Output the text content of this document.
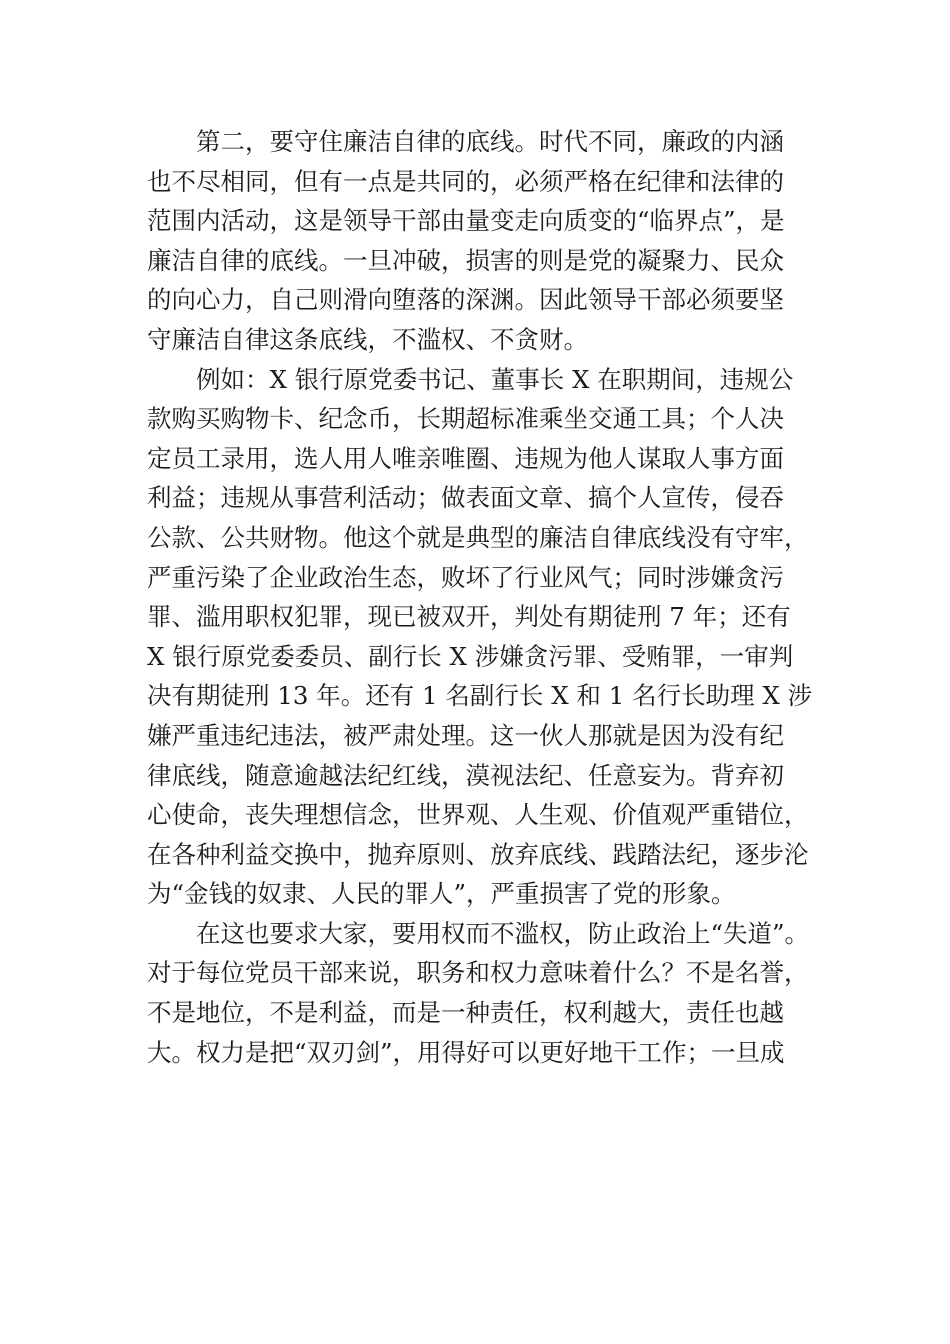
　　第二，要守住廉洁自律的底线。时代不同，廉政的内涵
也不尽相同，但有一点是共同的，必须严格在纪律和法律的
范围内活动，这是领导干部由量变走向质变的“临界点”，是
廉洁自律的底线。一旦冲破，损害的则是党的凝聚力、民众
的向心力，自己则滑向堕落的深渊。因此领导干部必须要坚
守廉洁自律这条底线，不滥权、不贪财。
　　例如：X 银行原党委书记、董事长 X 在职期间，违规公
款购买购物卡、纪念币，长期超标准乘坐交通工具；个人决
定员工录用，选人用人唯亲唯圈、违规为他人谋取人事方面
利益；违规从事营利活动；做表面文章、搞个人宣传，侵吞
公款、公共财物。他这个就是典型的廉洁自律底线没有守牢，
严重污染了企业政治生态，败坏了行业风气；同时涉嫌贪污
罪、滥用职权犯罪，现已被双开，判处有期徒刑 7 年；还有
X 银行原党委委员、副行长 X 涉嫌贪污罪、受贿罪，一审判
决有期徒刑 13 年。还有 1 名副行长 X 和 1 名行长助理 X 涉
嫌严重违纪违法，被严肃处理。这一伙人那就是因为没有纪
律底线，随意逾越法纪红线，漠视法纪、任意妄为。背弃初
心使命，丧失理想信念，世界观、人生观、价值观严重错位，
在各种利益交换中，抛弃原则、放弃底线、践踏法纪，逐步沦
为“金钱的奴隶、人民的罪人”，严重损害了党的形象。
　　在这也要求大家，要用权而不滥权，防止政治上“失道”。
对于每位党员干部来说，职务和权力意味着什么？不是名誉，
不是地位，不是利益，而是一种责任，权利越大，责任也越
大。权力是把“双刃剑”，用得好可以更好地干工作；一旦成
